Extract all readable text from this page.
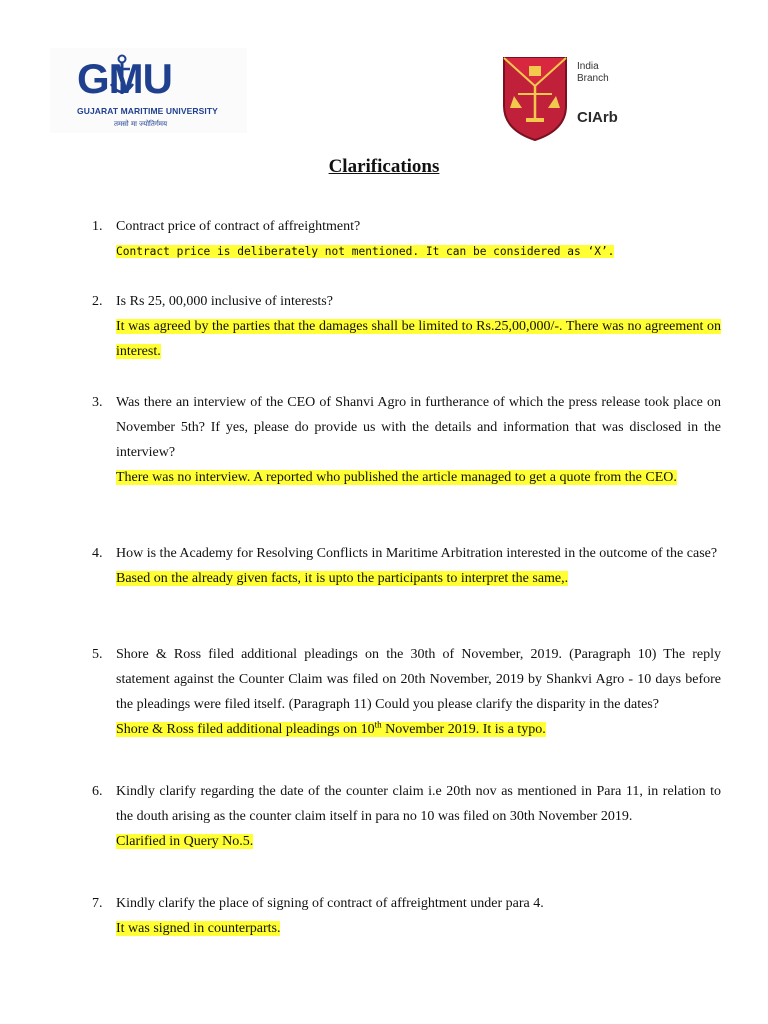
GMU
GUJARAT MARITIME UNIVERSITY
तमसो मा ज्योतिर्गमय
India
Branch
CIArb
Clarifications
1. Contract price of contract of affreightment?
Contract price is deliberately not mentioned. It can be considered as ‘X’.
2. Is Rs 25, 00,000 inclusive of interests?
It was agreed by the parties that the damages shall be limited to Rs.25,00,000/-. There was no agreement on interest.
3. Was there an interview of the CEO of Shanvi Agro in furtherance of which the press release took place on November 5th? If yes, please do provide us with the details and information that was disclosed in the interview?
There was no interview. A reported who published the article managed to get a quote from the CEO.
4. How is the Academy for Resolving Conflicts in Maritime Arbitration interested in the outcome of the case?
Based on the already given facts, it is upto the participants to interpret the same,.
5. Shore & Ross filed additional pleadings on the 30th of November, 2019. (Paragraph 10) The reply statement against the Counter Claim was filed on 20th November, 2019 by Shankvi Agro - 10 days before the pleadings were filed itself. (Paragraph 11) Could you please clarify the disparity in the dates?
Shore & Ross filed additional pleadings on 10th November 2019. It is a typo.
6. Kindly clarify regarding the date of the counter claim i.e 20th nov as mentioned in Para 11, in relation to the douth arising as the counter claim itself in para no 10 was filed on 30th November 2019.
Clarified in Query No.5.
7. Kindly clarify the place of signing of contract of affreightment under para 4.
It was signed in counterparts.
